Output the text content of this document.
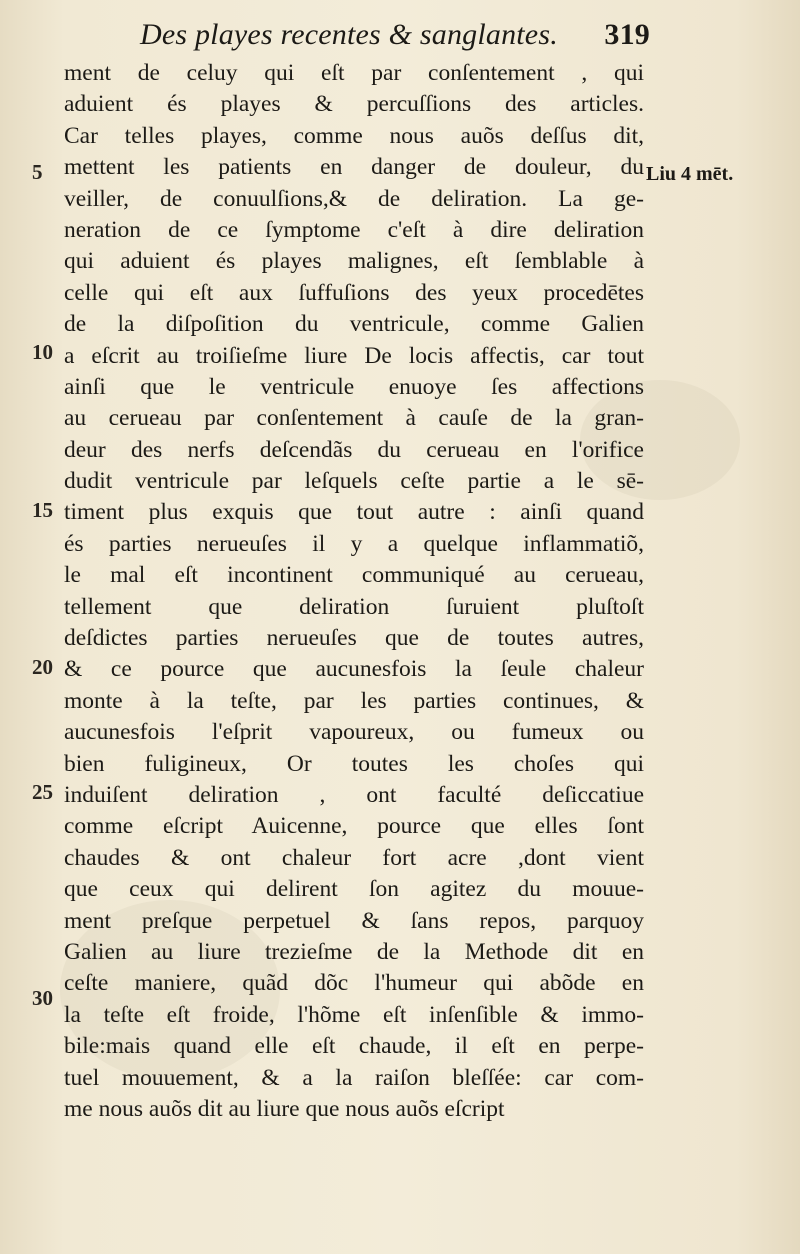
Des playes recentes & sanglantes. 319
Liu 4 mēt.
5
10
15
20
25
30
ment de celuy qui eſt par conſentement , qui
aduient és playes & percuſſions des articles.
Car telles playes, comme nous auõs deſſus dit,
mettent les patients en danger de douleur, du
veiller, de conuulſions,& de deliration. La ge-
neration de ce ſymptome c'eſt à dire deliration
qui aduient és playes malignes, eſt ſemblable à
celle qui eſt aux ſuffuſions des yeux procedētes
de la diſpoſition du ventricule, comme Galien
a eſcrit au troiſieſme liure De locis affectis, car tout
ainſi que le ventricule enuoye ſes affections
au cerueau par conſentement à cauſe de la gran-
deur des nerfs deſcendãs du cerueau en l'orifice
dudit ventricule par leſquels ceſte partie a le sē-
timent plus exquis que tout autre : ainſi quand
és parties nerueuſes il y a quelque inflammatiõ,
le mal eſt incontinent communiqué au cerueau,
tellement que deliration ſuruient pluſtoſt
deſdictes parties nerueuſes que de toutes autres,
& ce pource que aucunesfois la ſeule chaleur
monte à la teſte, par les parties continues, &
aucunesfois l'eſprit vapoureux, ou fumeux ou
bien fuligineux, Or toutes les choſes qui
induiſent deliration , ont faculté deſiccatiue
comme eſcript Auicenne, pource que elles ſont
chaudes & ont chaleur fort acre ,dont vient
que ceux qui delirent ſon agitez du mouue-
ment preſque perpetuel & ſans repos, parquoy
Galien au liure trezieſme de la Methode dit en
ceſte maniere, quãd dõc l'humeur qui abõde en
la teſte eſt froide, l'hõme eſt inſenſible & immo-
bile:mais quand elle eſt chaude, il eſt en perpe-
tuel mouuement, & a la raiſon bleſſée: car com-
me nous auõs dit au liure que nous auõs eſcript
